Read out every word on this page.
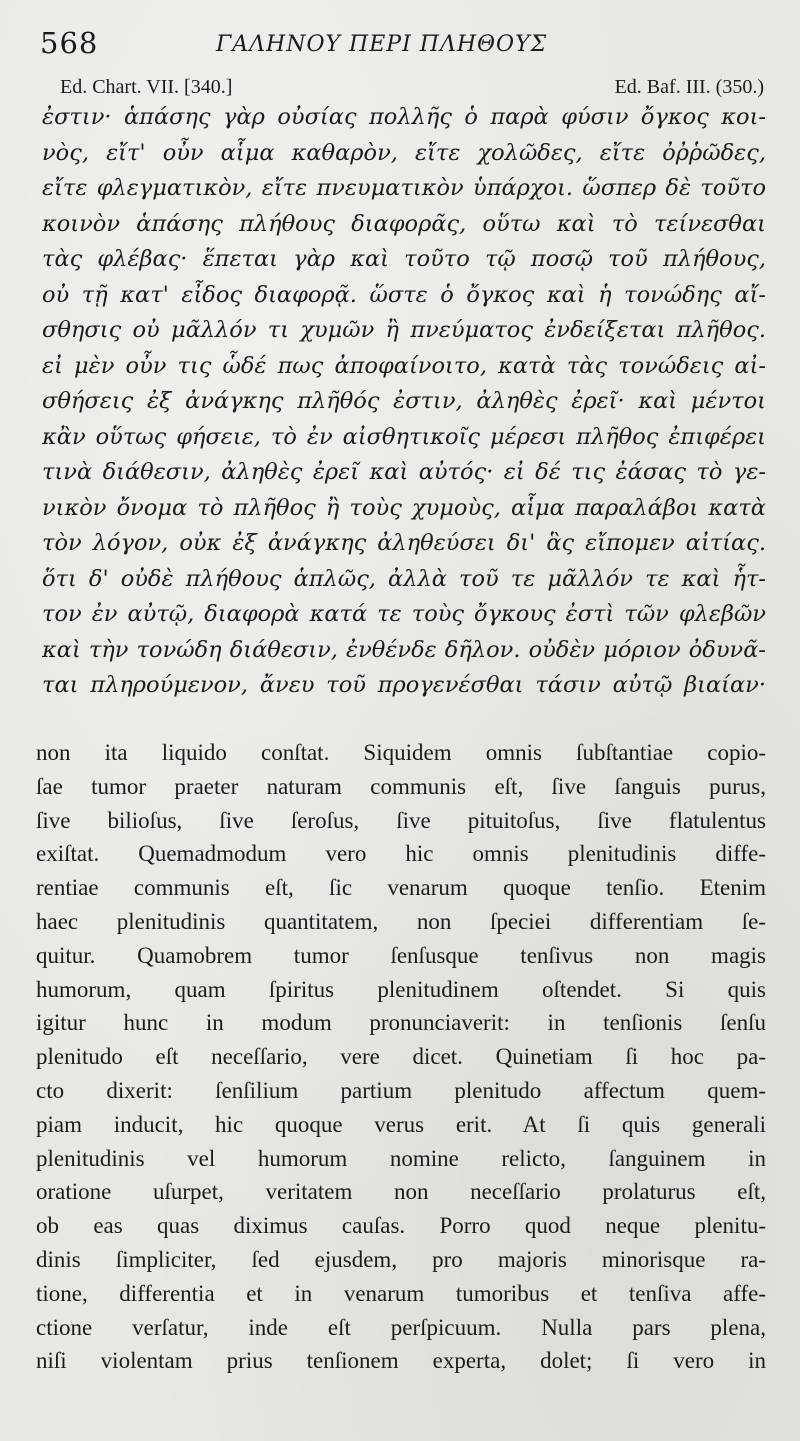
568	ΓΑΛΗΝΟΥ ΠΕΡΙ ΠΛΗΘΟΥΣ
Ed. Chart. VII. [340.]	Ed. Baf. III. (350.)
ἐστιν· ἁπάσης γὰρ οὐσίας πολλῆς ὁ παρὰ φύσιν ὄγκος κοι-
νὸς, εἴτ' οὖν αἷμα καθαρὸν, εἴτε χολῶδες, εἴτε ὀῤῥῶδες,
εἴτε φλεγματικὸν, εἴτε πνευματικὸν ὑπάρχοι. ὥσπερ δὲ τοῦτο
κοινὸν ἁπάσης πλήθους διαφορᾶς, οὕτω καὶ τὸ τείνεσθαι
τὰς φλέβας· ἕπεται γὰρ καὶ τοῦτο τῷ ποσῷ τοῦ πλήθους,
οὐ τῇ κατ' εἶδος διαφορᾷ. ὥστε ὁ ὄγκος καὶ ἡ τονώδης αἴ-
σθησις οὐ μᾶλλόν τι χυμῶν ἢ πνεύματος ἐνδείξεται πλῆθος.
εἰ μὲν οὖν τις ὧδέ πως ἀποφαίνοιτο, κατὰ τὰς τονώδεις αἰ-
σθήσεις ἐξ ἀνάγκης πλῆθός ἐστιν, ἀληθὲς ἐρεῖ· καὶ μέντοι
κἂν οὕτως φήσειε, τὸ ἐν αἰσθητικοῖς μέρεσι πλῆθος ἐπιφέρει
τινὰ διάθεσιν, ἀληθὲς ἐρεῖ καὶ αὐτός· εἰ δέ τις ἐάσας τὸ γε-
νικὸν ὄνομα τὸ πλῆθος ἢ τοὺς χυμοὺς, αἷμα παραλάβοι κατὰ
τὸν λόγον, οὐκ ἐξ ἀνάγκης ἀληθεύσει δι' ἃς εἴπομεν αἰτίας.
ὅτι δ' οὐδὲ πλήθους ἁπλῶς, ἀλλὰ τοῦ τε μᾶλλόν τε καὶ ἧτ-
τον ἐν αὐτῷ, διαφορὰ κατά τε τοὺς ὄγκους ἐστὶ τῶν φλεβῶν
καὶ τὴν τονώδη διάθεσιν, ἐνθένδε δῆλον. οὐδὲν μόριον ὀδυνᾶ-
ται πληρούμενον, ἄνευ τοῦ προγενέσθαι τάσιν αὐτῷ βιαίαν·
non ita liquido conſtat. Siquidem omnis ſubſtantiae copio-
ſae tumor praeter naturam communis eſt, ſive ſanguis purus,
ſive bilioſus, ſive ſeroſus, ſive pituitoſus, ſive flatulentus
exiſtat. Quemadmodum vero hic omnis plenitudinis diffe-
rentiae communis eſt, ſic venarum quoque tenſio. Etenim
haec plenitudinis quantitatem, non ſpeciei differentiam ſe-
quitur. Quamobrem tumor ſenſusque tenſivus non magis
humorum, quam ſpiritus plenitudinem oſtendet. Si quis
igitur hunc in modum pronunciaverit: in tenſionis ſenſu
plenitudo eſt neceſſario, vere dicet. Quinetiam ſi hoc pa-
cto dixerit: ſenſilium partium plenitudo affectum quem-
piam inducit, hic quoque verus erit. At ſi quis generali
plenitudinis vel humorum nomine relicto, ſanguinem in
oratione uſurpet, veritatem non neceſſario prolaturus eſt,
ob eas quas diximus cauſas. Porro quod neque plenitu-
dinis ſimpliciter, ſed ejusdem, pro majoris minorisque ra-
tione, differentia et in venarum tumoribus et tenſiva affe-
ctione verſatur, inde eſt perſpicuum. Nulla pars plena,
niſi violentam prius tenſionem experta, dolet; ſi vero in
